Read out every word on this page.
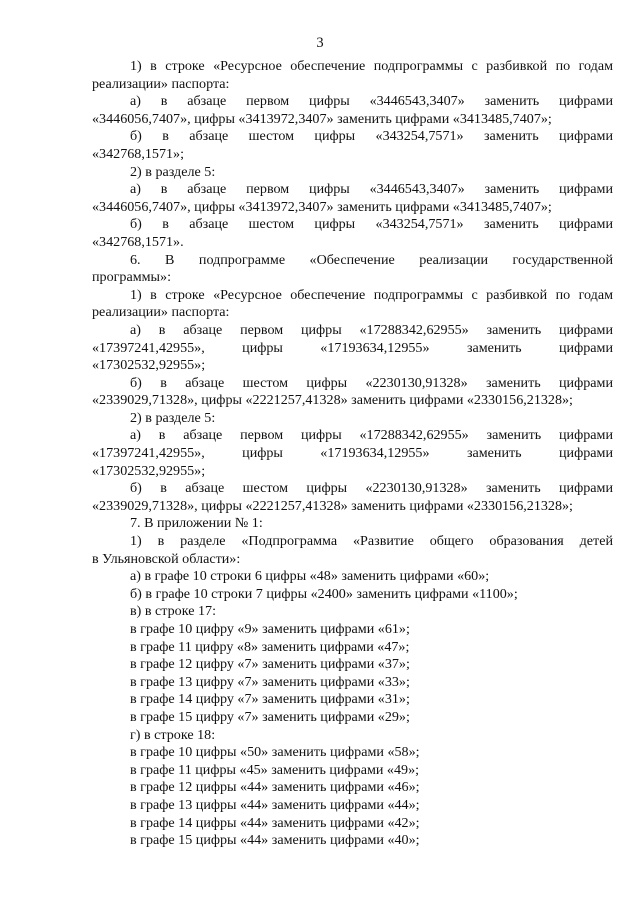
3
1) в строке «Ресурсное обеспечение подпрограммы с разбивкой по годам
реализации» паспорта:
а) в абзаце первом цифры «3446543,3407» заменить цифрами
«3446056,7407», цифры «3413972,3407» заменить цифрами «3413485,7407»;
б) в абзаце шестом цифры «343254,7571» заменить цифрами
«342768,1571»;
2) в разделе 5:
а) в абзаце первом цифры «3446543,3407» заменить цифрами
«3446056,7407», цифры «3413972,3407» заменить цифрами «3413485,7407»;
б) в абзаце шестом цифры «343254,7571» заменить цифрами
«342768,1571».
6. В подпрограмме «Обеспечение реализации государственной
программы»:
1) в строке «Ресурсное обеспечение подпрограммы с разбивкой по годам
реализации» паспорта:
а) в абзаце первом цифры «17288342,62955» заменить цифрами
«17397241,42955», цифры «17193634,12955» заменить цифрами
«17302532,92955»;
б) в абзаце шестом цифры «2230130,91328» заменить цифрами
«2339029,71328», цифры «2221257,41328» заменить цифрами «2330156,21328»;
2) в разделе 5:
а) в абзаце первом цифры «17288342,62955» заменить цифрами
«17397241,42955», цифры «17193634,12955» заменить цифрами
«17302532,92955»;
б) в абзаце шестом цифры «2230130,91328» заменить цифрами
«2339029,71328», цифры «2221257,41328» заменить цифрами «2330156,21328»;
7. В приложении № 1:
1) в разделе «Подпрограмма «Развитие общего образования детей
в Ульяновской области»:
а) в графе 10 строки 6 цифры «48» заменить цифрами «60»;
б) в графе 10 строки 7 цифры «2400» заменить цифрами «1100»;
в) в строке 17:
в графе 10 цифру «9» заменить цифрами «61»;
в графе 11 цифру «8» заменить цифрами «47»;
в графе 12 цифру «7» заменить цифрами «37»;
в графе 13 цифру «7» заменить цифрами «33»;
в графе 14 цифру «7» заменить цифрами «31»;
в графе 15 цифру «7» заменить цифрами «29»;
г) в строке 18:
в графе 10 цифры «50» заменить цифрами «58»;
в графе 11 цифры «45» заменить цифрами «49»;
в графе 12 цифры «44» заменить цифрами «46»;
в графе 13 цифры «44» заменить цифрами «44»;
в графе 14 цифры «44» заменить цифрами «42»;
в графе 15 цифры «44» заменить цифрами «40»;
